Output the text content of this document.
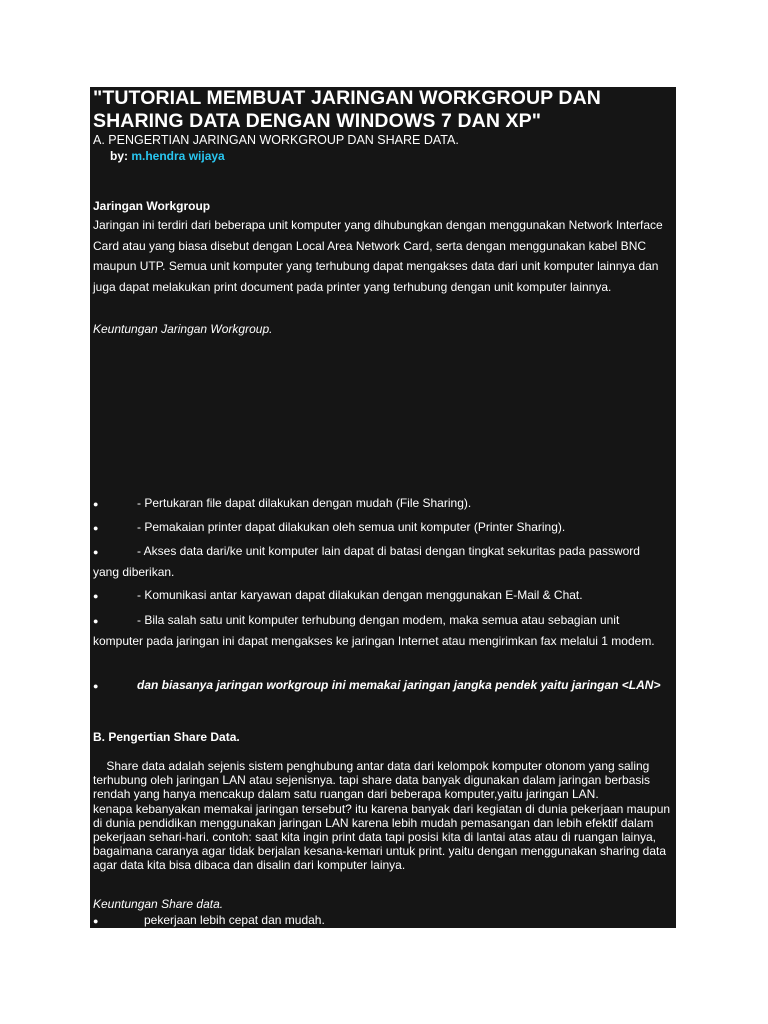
"TUTORIAL MEMBUAT JARINGAN WORKGROUP DAN SHARING DATA DENGAN WINDOWS 7 DAN XP"

A. PENGERTIAN JARINGAN WORKGROUP DAN SHARE DATA.

by: m.hendra wijaya

Jaringan Workgroup
Jaringan ini terdiri dari beberapa unit komputer yang dihubungkan dengan menggunakan Network Interface Card atau yang biasa disebut dengan Local Area Network Card, serta dengan menggunakan kabel BNC maupun UTP. Semua unit komputer yang terhubung dapat mengakses data dari unit komputer lainnya dan juga dapat melakukan print document pada printer yang terhubung dengan unit komputer lainnya.
Keuntungan Jaringan Workgroup.
●	- Pertukaran file dapat dilakukan dengan mudah (File Sharing).
●	- Pemakaian printer dapat dilakukan oleh semua unit komputer (Printer Sharing).
●	- Akses data dari/ke unit komputer lain dapat di batasi dengan tingkat sekuritas pada password yang diberikan.
●	- Komunikasi antar karyawan dapat dilakukan dengan menggunakan E-Mail & Chat.
●	- Bila salah satu unit komputer terhubung dengan modem, maka semua atau sebagian unit komputer pada jaringan ini dapat mengakses ke jaringan Internet atau mengirimkan fax melalui 1 modem.
●	dan biasanya jaringan workgroup ini memakai jaringan jangka pendek yaitu jaringan <LAN>
B. Pengertian Share Data.
Share data adalah sejenis sistem penghubung antar data dari kelompok komputer otonom yang saling terhubung oleh jaringan LAN atau sejenisnya. tapi share data banyak digunakan dalam jaringan berbasis rendah yang hanya mencakup dalam satu ruangan dari beberapa komputer,yaitu jaringan LAN.
kenapa kebanyakan memakai jaringan tersebut? itu karena banyak dari kegiatan di dunia pekerjaan maupun di dunia pendidikan menggunakan jaringan LAN karena lebih mudah pemasangan dan lebih efektif dalam pekerjaan sehari-hari. contoh: saat kita ingin print data tapi posisi kita di lantai atas atau di ruangan lainya, bagaimana caranya agar tidak berjalan kesana-kemari untuk print. yaitu dengan menggunakan sharing data agar data kita bisa dibaca dan disalin dari komputer lainya.
Keuntungan Share data.
●	pekerjaan lebih cepat dan mudah.
